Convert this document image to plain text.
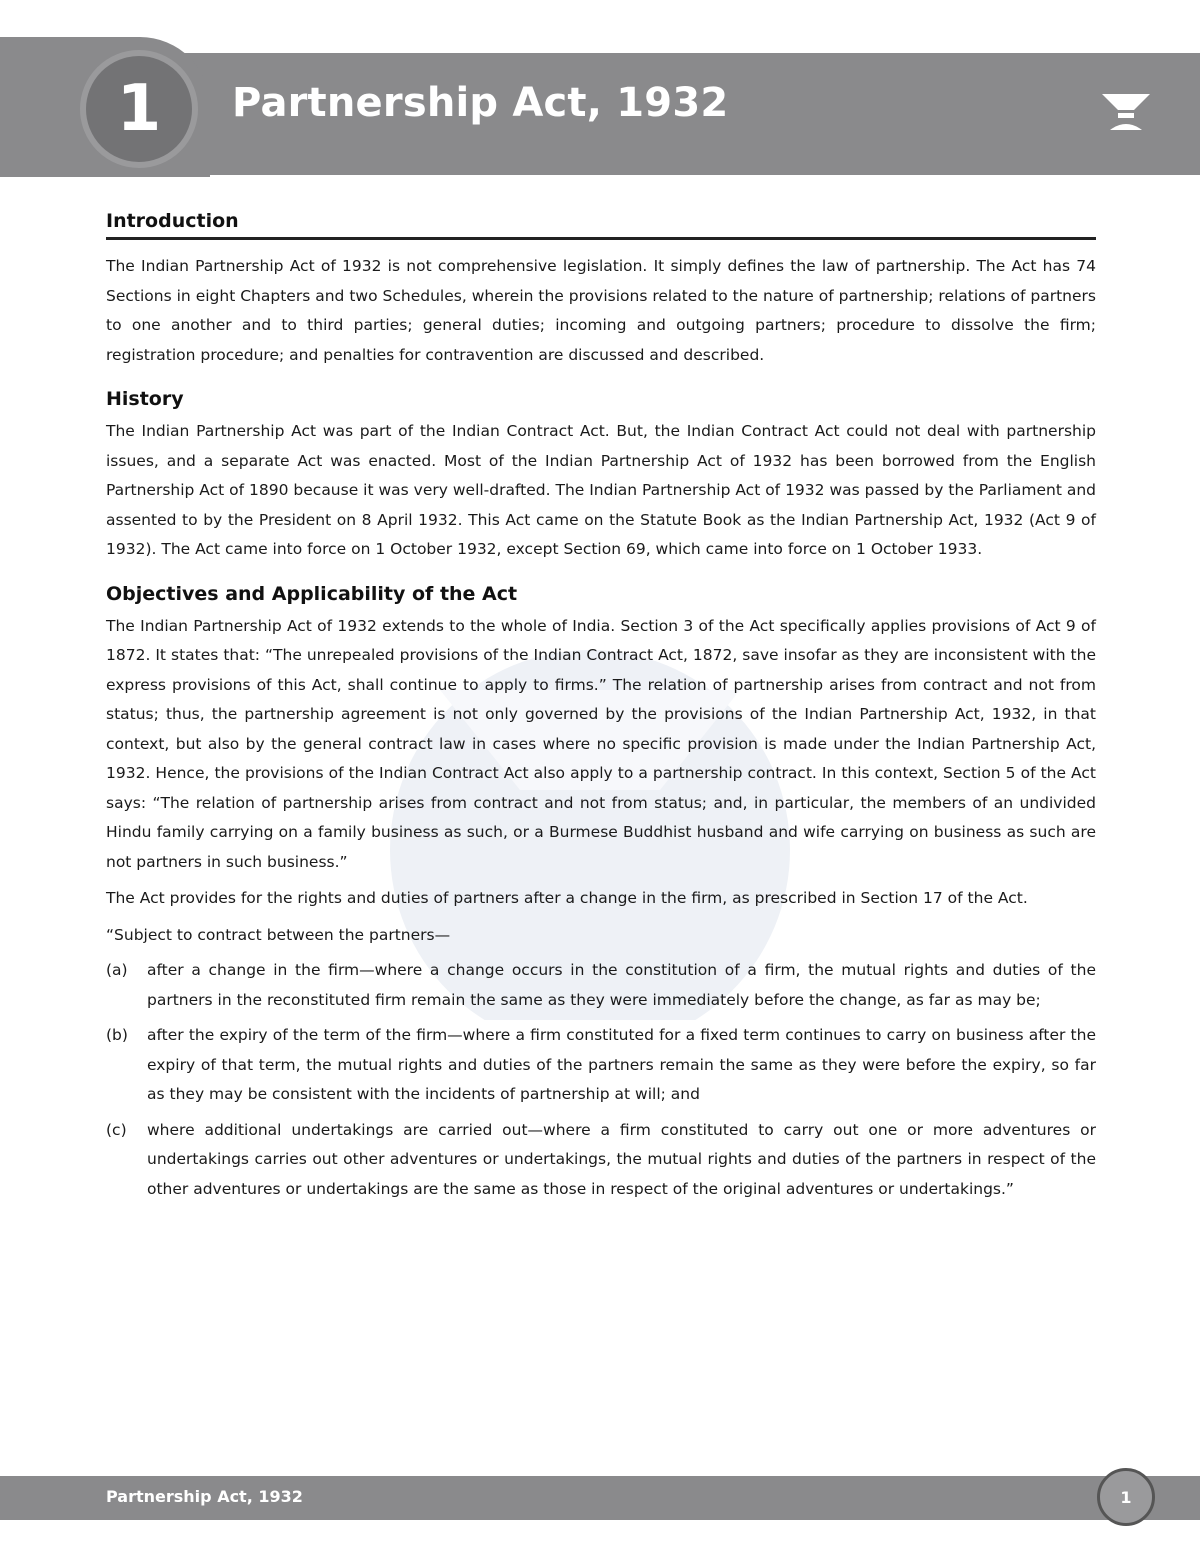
1 Partnership Act, 1932
Introduction

The Indian Partnership Act of 1932 is not comprehensive legislation. It simply defines the law of partnership. The Act has 74 Sections in eight Chapters and two Schedules, wherein the provisions related to the nature of partnership; relations of partners to one another and to third parties; general duties; incoming and outgoing partners; procedure to dissolve the firm; registration procedure; and penalties for contravention are discussed and described.

History

The Indian Partnership Act was part of the Indian Contract Act. But, the Indian Contract Act could not deal with partnership issues, and a separate Act was enacted. Most of the Indian Partnership Act of 1932 has been borrowed from the English Partnership Act of 1890 because it was very well-drafted. The Indian Partnership Act of 1932 was passed by the Parliament and assented to by the President on 8 April 1932. This Act came on the Statute Book as the Indian Partnership Act, 1932 (Act 9 of 1932). The Act came into force on 1 October 1932, except Section 69, which came into force on 1 October 1933.

Objectives and Applicability of the Act

The Indian Partnership Act of 1932 extends to the whole of India. Section 3 of the Act specifically applies provisions of Act 9 of 1872. It states that: “The unrepealed provisions of the Indian Contract Act, 1872, save insofar as they are inconsistent with the express provisions of this Act, shall continue to apply to firms.” The relation of partnership arises from contract and not from status; thus, the partnership agreement is not only governed by the provisions of the Indian Partnership Act, 1932, in that context, but also by the general contract law in cases where no specific provision is made under the Indian Partnership Act, 1932. Hence, the provisions of the Indian Contract Act also apply to a partnership contract. In this context, Section 5 of the Act says: “The relation of partnership arises from contract and not from status; and, in particular, the members of an undivided Hindu family carrying on a family business as such, or a Burmese Buddhist husband and wife carrying on business as such are not partners in such business.”

The Act provides for the rights and duties of partners after a change in the firm, as prescribed in Section 17 of the Act.

“Subject to contract between the partners—

(a)	after a change in the firm—where a change occurs in the constitution of a firm, the mutual rights and duties of the partners in the reconstituted firm remain the same as they were immediately before the change, as far as may be;
(b)	after the expiry of the term of the firm—where a firm constituted for a fixed term continues to carry on business after the expiry of that term, the mutual rights and duties of the partners remain the same as they were before the expiry, so far as they may be consistent with the incidents of partnership at will; and
(c)	where additional undertakings are carried out—where a firm constituted to carry out one or more adventures or undertakings carries out other adventures or undertakings, the mutual rights and duties of the partners in respect of the other adventures or undertakings are the same as those in respect of the original adventures or undertakings.”
Partnership Act, 1932	1
